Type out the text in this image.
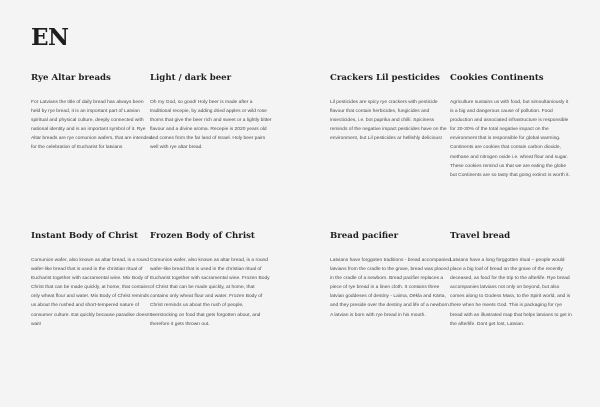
EN
Rye Altar breads

For Latvians the title of daily bread has always been held by rye bread, it is an important part of Latvian spiritual and physical culture, deeply connected with national identity and is an important symbol of it. Rye Altar breads are rye comunion wafers, that are intended for the celebration of Eucharist for latvians

Light / dark beer

Oh my God, so good! Holy beer is made after a traditional recepie, by adding dried apples or wild rose thorns that give the beer rich and sweet or a lightly bitter flavour and a divine aroma. Recepie is 2020 years old and comes from the far land of Israel. Holy beer pairs well with rye altar bread.

Crackers Lil pesticides

Lil pesticides are spicy rye crackers with pesticide flavour that contain herbicides, fungicides and insecticides, i.e. bot paprika and chilli. Spiciness reminds of the negative impact pesticides have on the environment, but Lil pesticides ar hellishly delicious!

Cookies Continents

Agriculture sustains us with food, but simoultaniously it is a big and dangerous cause of pollution. Food production and associated infrastructure is responsible for 20-30% of the total negative impact on the environment that is responsible for global warming. Continents are cookies that contain carbon dioxide, methane and nitrogen oxide i.e. wheat flour and sugar. These cookies remind us that we are eating the globe but Continents are so tasty that going extinct is worth it.

Instant Body of Christ

Comunion wafer, also known as altar bread, is a round wafer-like bread that is used in the christian ritual of Eucharist together with sacramental wine. Mix Body of Christ that can be made quickly, at home, that contains only wheat flour and water. Mix Body of Christ reminds us about the rushed and short-tempered nature of consumer culture. Eat quickly because paradise doesn't wait!

Frozen Body of Christ

Comunion wafer, also known as altar bread, is a round wafer-like bread that is used in the christian ritual of Eucharist together with sacramental wine. Frozen Body of Christ that can be made quickly, at home, that contains only wheat flour and water. Frozen Body of Christ reminds us about the rush of people, overstocking on food that gets forgotten about, and therefore it gets thrown out.

Bread pacifier

Latvians have forggoten traditions - bread accompanied latvians from the cradle to the grave, bread was placed in the cradle of a newborn. Bread pacifier replaces a piece of rye bread in a linen cloth. It contains three latvian goddeses of destiny - Laima, Dēkla and Kārta, and they preside over the destiny and life of a newborn. A latvian is born with rye bread in his mouth.

Travel bread

Latvians have a long forggotten ritual – people would place a big loaf of bread on the grave of the recently deceased, as food for the trip to the afterlife. Rye bread accompanies latvians not only on beyond, but also comes along to Godess Mara, to the Spirit world, and is there when he meets God. This is packaging for rye bread with an illustrated map that helps latvians to get in the afterlife. Dont get lost, Latvian.
